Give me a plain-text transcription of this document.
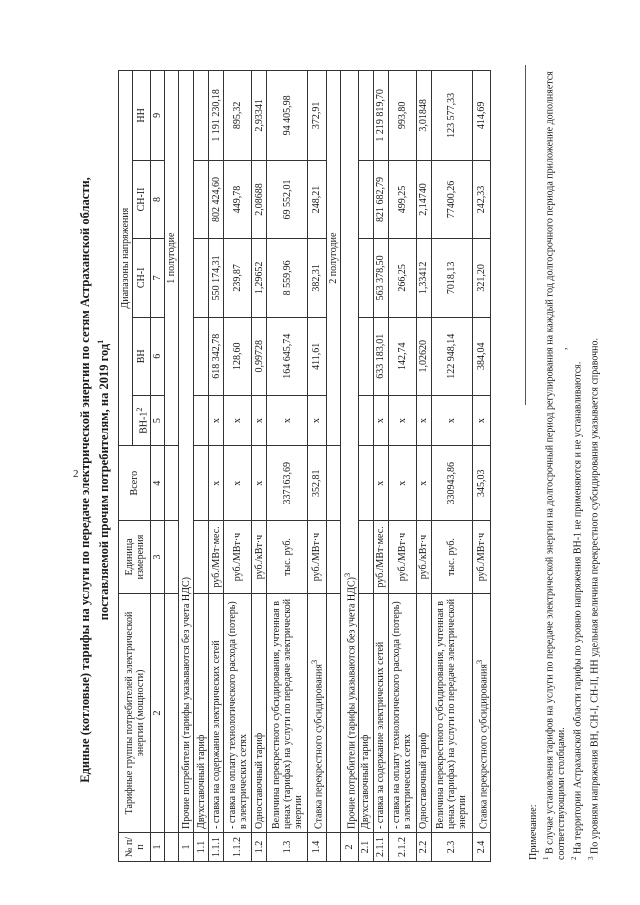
2 Единые (котловые) тарифы на услуги по передаче электрической энергии по сетям Астраханской области, поставляемой прочим потребителям, на 2019 год$^1$
№ п/п	Тарифные группы потребителей электрической энергии (мощности)	Единица измерения	Всего	Диапазоны напряжения				
				$ВН-1^2$	ВН	СН-I	СН-II	НН
1	2	3	4	5	6	7	8	9
				1 полугодие				
1	Прочие потребители (тарифы указываются без учета НДС)							
1.1	Двухставочный тариф							
1.1.1	- ставка на содержание электрических сетей	руб./МВт·мес.	х	х	618 342,78	550 174,31	802 424,60	1 191 230,18
1.1.2	- ставка на оплату технологического расхода (потерь) в электрических сетях	руб./МВт·ч	х	х	128,60	239,87	449,78	895,32
1.2	Одноставочный тариф	руб./кВт·ч	х	х	0,99728	1,29652	2,08688	2,93341
1.3	Величина перекрестного субсидирования, учтенная в ценах (тарифах) на услуги по передаче электрической энергии	тыс. руб.	337163,69	х	164 645,74	8 559,96	69 552,01	94 405,98
1.4	Ставка перекрестного субсидирования$^3$	руб./МВт·ч	352,81	х	411,61	382,31	248,21	372,91
				2 полугодие				
2	Прочие потребители (тарифы указываются без учета НДС)$^3$
2.1	Двухставочный тариф							
2.1.1	- ставка за содержание электрических сетей	руб./МВт·мес.	х	х	633 183,01	563 378,50	821 682,79	1 219 819,70
2.1.2	- ставка на оплату технологического расхода (потерь) в электрических сетях	руб./МВт·ч	х	х	142,74	266,25	499,25	993,80
2.2	Одноставочный тариф	руб./кВт·ч	х	х	1,02620	1,33412	2,14740	3,01848
2.3	Величина перекрестного субсидирования, учтенная в ценах (тарифах) на услуги по передаче электрической энергии	тыс. руб.	330943,86	х	122 948,14	7018,13	77400,26	123 577,33
2.4	Ставка перекрестного субсидирования$^3$	руб./МВт·ч	345,03	х	384,04	321,20	242,33	414,69
,

Примечание: $^1$ В случае установления тарифов на услуги по передаче электрической энергии на долгосрочный период регулирования на каждый год долгосрочного периода приложение дополняется соответствующими столбцами. $^2$ На территории Астраханской области тарифы по уровню напряжения ВН-1 не применяются и не устанавливаются.

$^3$ По уровням напряжения ВН, СН-I, СН-II, НН удельная величина перекрестного субсидирования указывается справочно.
